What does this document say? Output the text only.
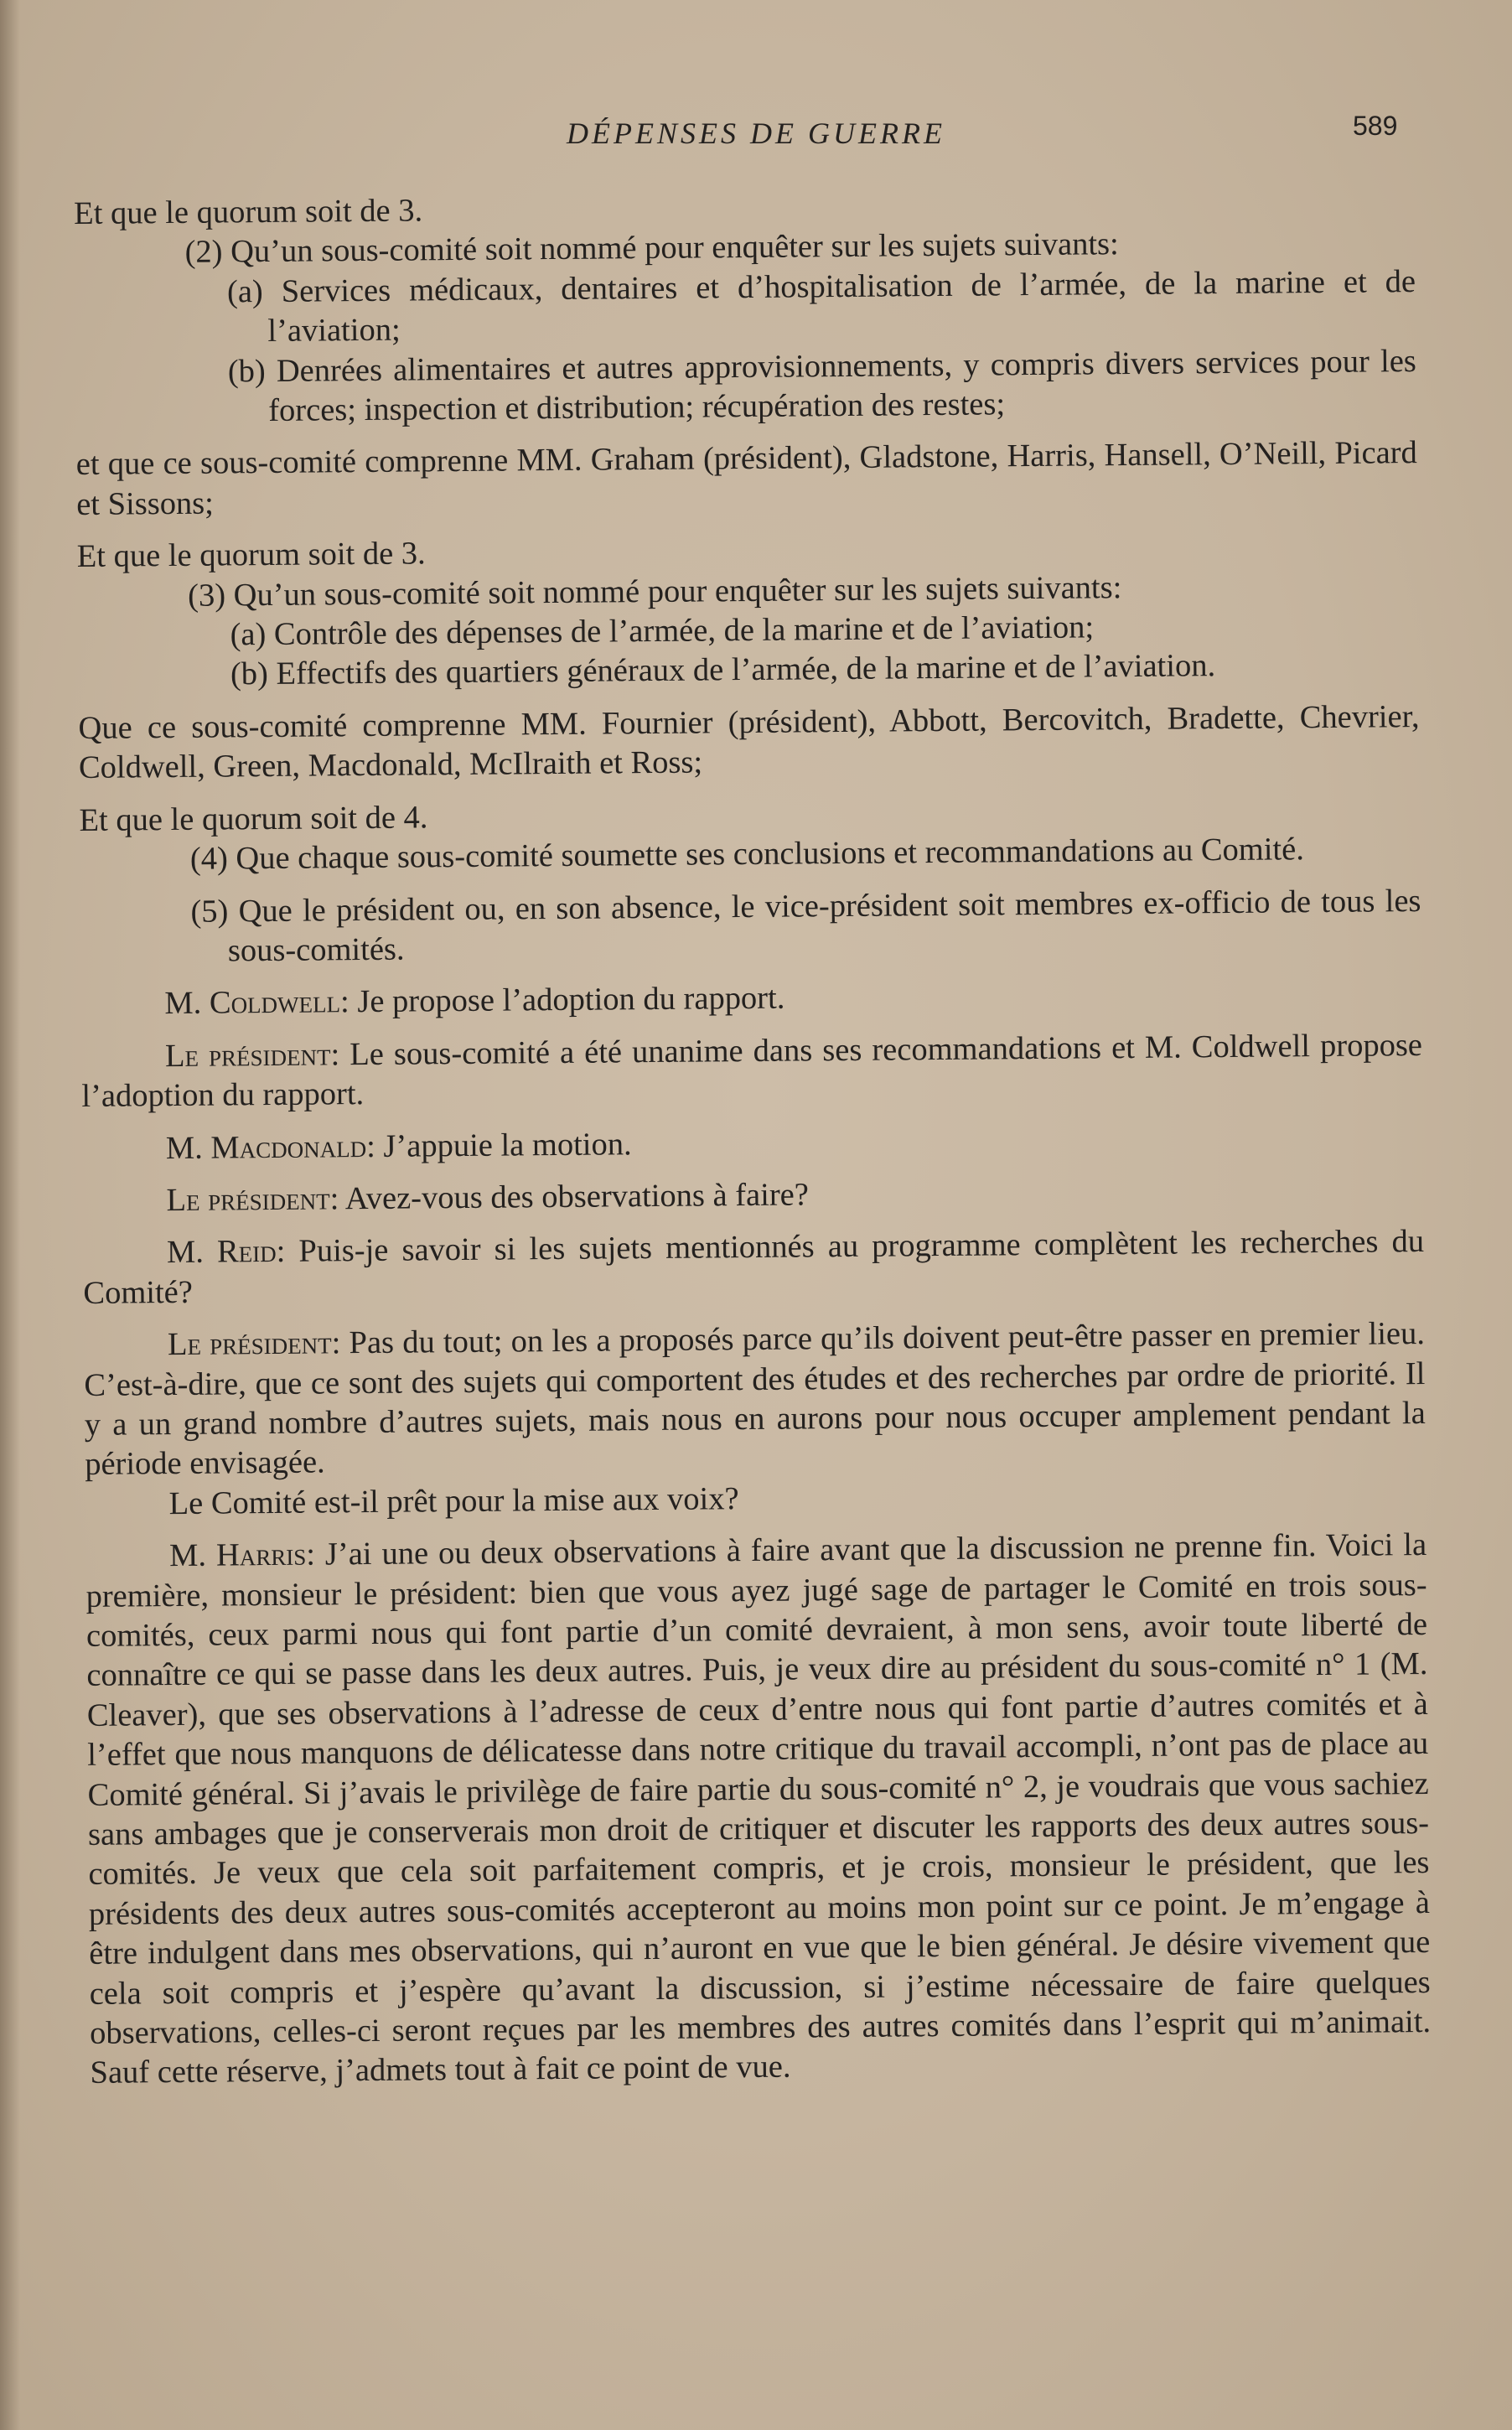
DÉPENSES DE GUERRE	589

Et que le quorum soit de 3.

(2) Qu’un sous-comité soit nommé pour enquêter sur les sujets suivants:

(a) Services médicaux, dentaires et d’hospitalisation de l’armée, de la marine et de l’aviation;

(b) Denrées alimentaires et autres approvisionnements, y compris divers services pour les forces; inspection et distribution; récupération des restes;

et que ce sous-comité comprenne MM. Graham (président), Gladstone, Harris, Hansell, O’Neill, Picard et Sissons;

Et que le quorum soit de 3.

(3) Qu’un sous-comité soit nommé pour enquêter sur les sujets suivants:

(a) Contrôle des dépenses de l’armée, de la marine et de l’aviation;

(b) Effectifs des quartiers généraux de l’armée, de la marine et de l’aviation.

Que ce sous-comité comprenne MM. Fournier (président), Abbott, Bercovitch, Bradette, Chevrier, Coldwell, Green, Macdonald, McIlraith et Ross;

Et que le quorum soit de 4.

(4) Que chaque sous-comité soumette ses conclusions et recommandations au Comité.

(5) Que le président ou, en son absence, le vice-président soit membres ex-officio de tous les sous-comités.

M. Coldwell: Je propose l’adoption du rapport.

Le président: Le sous-comité a été unanime dans ses recommandations et M. Coldwell propose l’adoption du rapport.

M. Macdonald: J’appuie la motion.

Le président: Avez-vous des observations à faire?

M. Reid: Puis-je savoir si les sujets mentionnés au programme complètent les recherches du Comité?

Le président: Pas du tout; on les a proposés parce qu’ils doivent peut-être passer en premier lieu. C’est-à-dire, que ce sont des sujets qui comportent des études et des recherches par ordre de priorité. Il y a un grand nombre d’autres sujets, mais nous en aurons pour nous occuper amplement pendant la période envisagée.

Le Comité est-il prêt pour la mise aux voix?

M. Harris: J’ai une ou deux observations à faire avant que la discussion ne prenne fin. Voici la première, monsieur le président: bien que vous ayez jugé sage de partager le Comité en trois sous-comités, ceux parmi nous qui font partie d’un comité devraient, à mon sens, avoir toute liberté de connaître ce qui se passe dans les deux autres. Puis, je veux dire au président du sous-comité n° 1 (M. Cleaver), que ses observations à l’adresse de ceux d’entre nous qui font partie d’autres comités et à l’effet que nous manquons de délicatesse dans notre critique du travail accompli, n’ont pas de place au Comité général. Si j’avais le privilège de faire partie du sous-comité n° 2, je voudrais que vous sachiez sans ambages que je conserverais mon droit de critiquer et discuter les rapports des deux autres sous-comités. Je veux que cela soit parfaitement compris, et je crois, monsieur le président, que les présidents des deux autres sous-comités accepteront au moins mon point sur ce point. Je m’engage à être indulgent dans mes observations, qui n’auront en vue que le bien général. Je désire vivement que cela soit compris et j’espère qu’avant la discussion, si j’estime nécessaire de faire quelques observations, celles-ci seront reçues par les membres des autres comités dans l’esprit qui m’animait. Sauf cette réserve, j’admets tout à fait ce point de vue.
